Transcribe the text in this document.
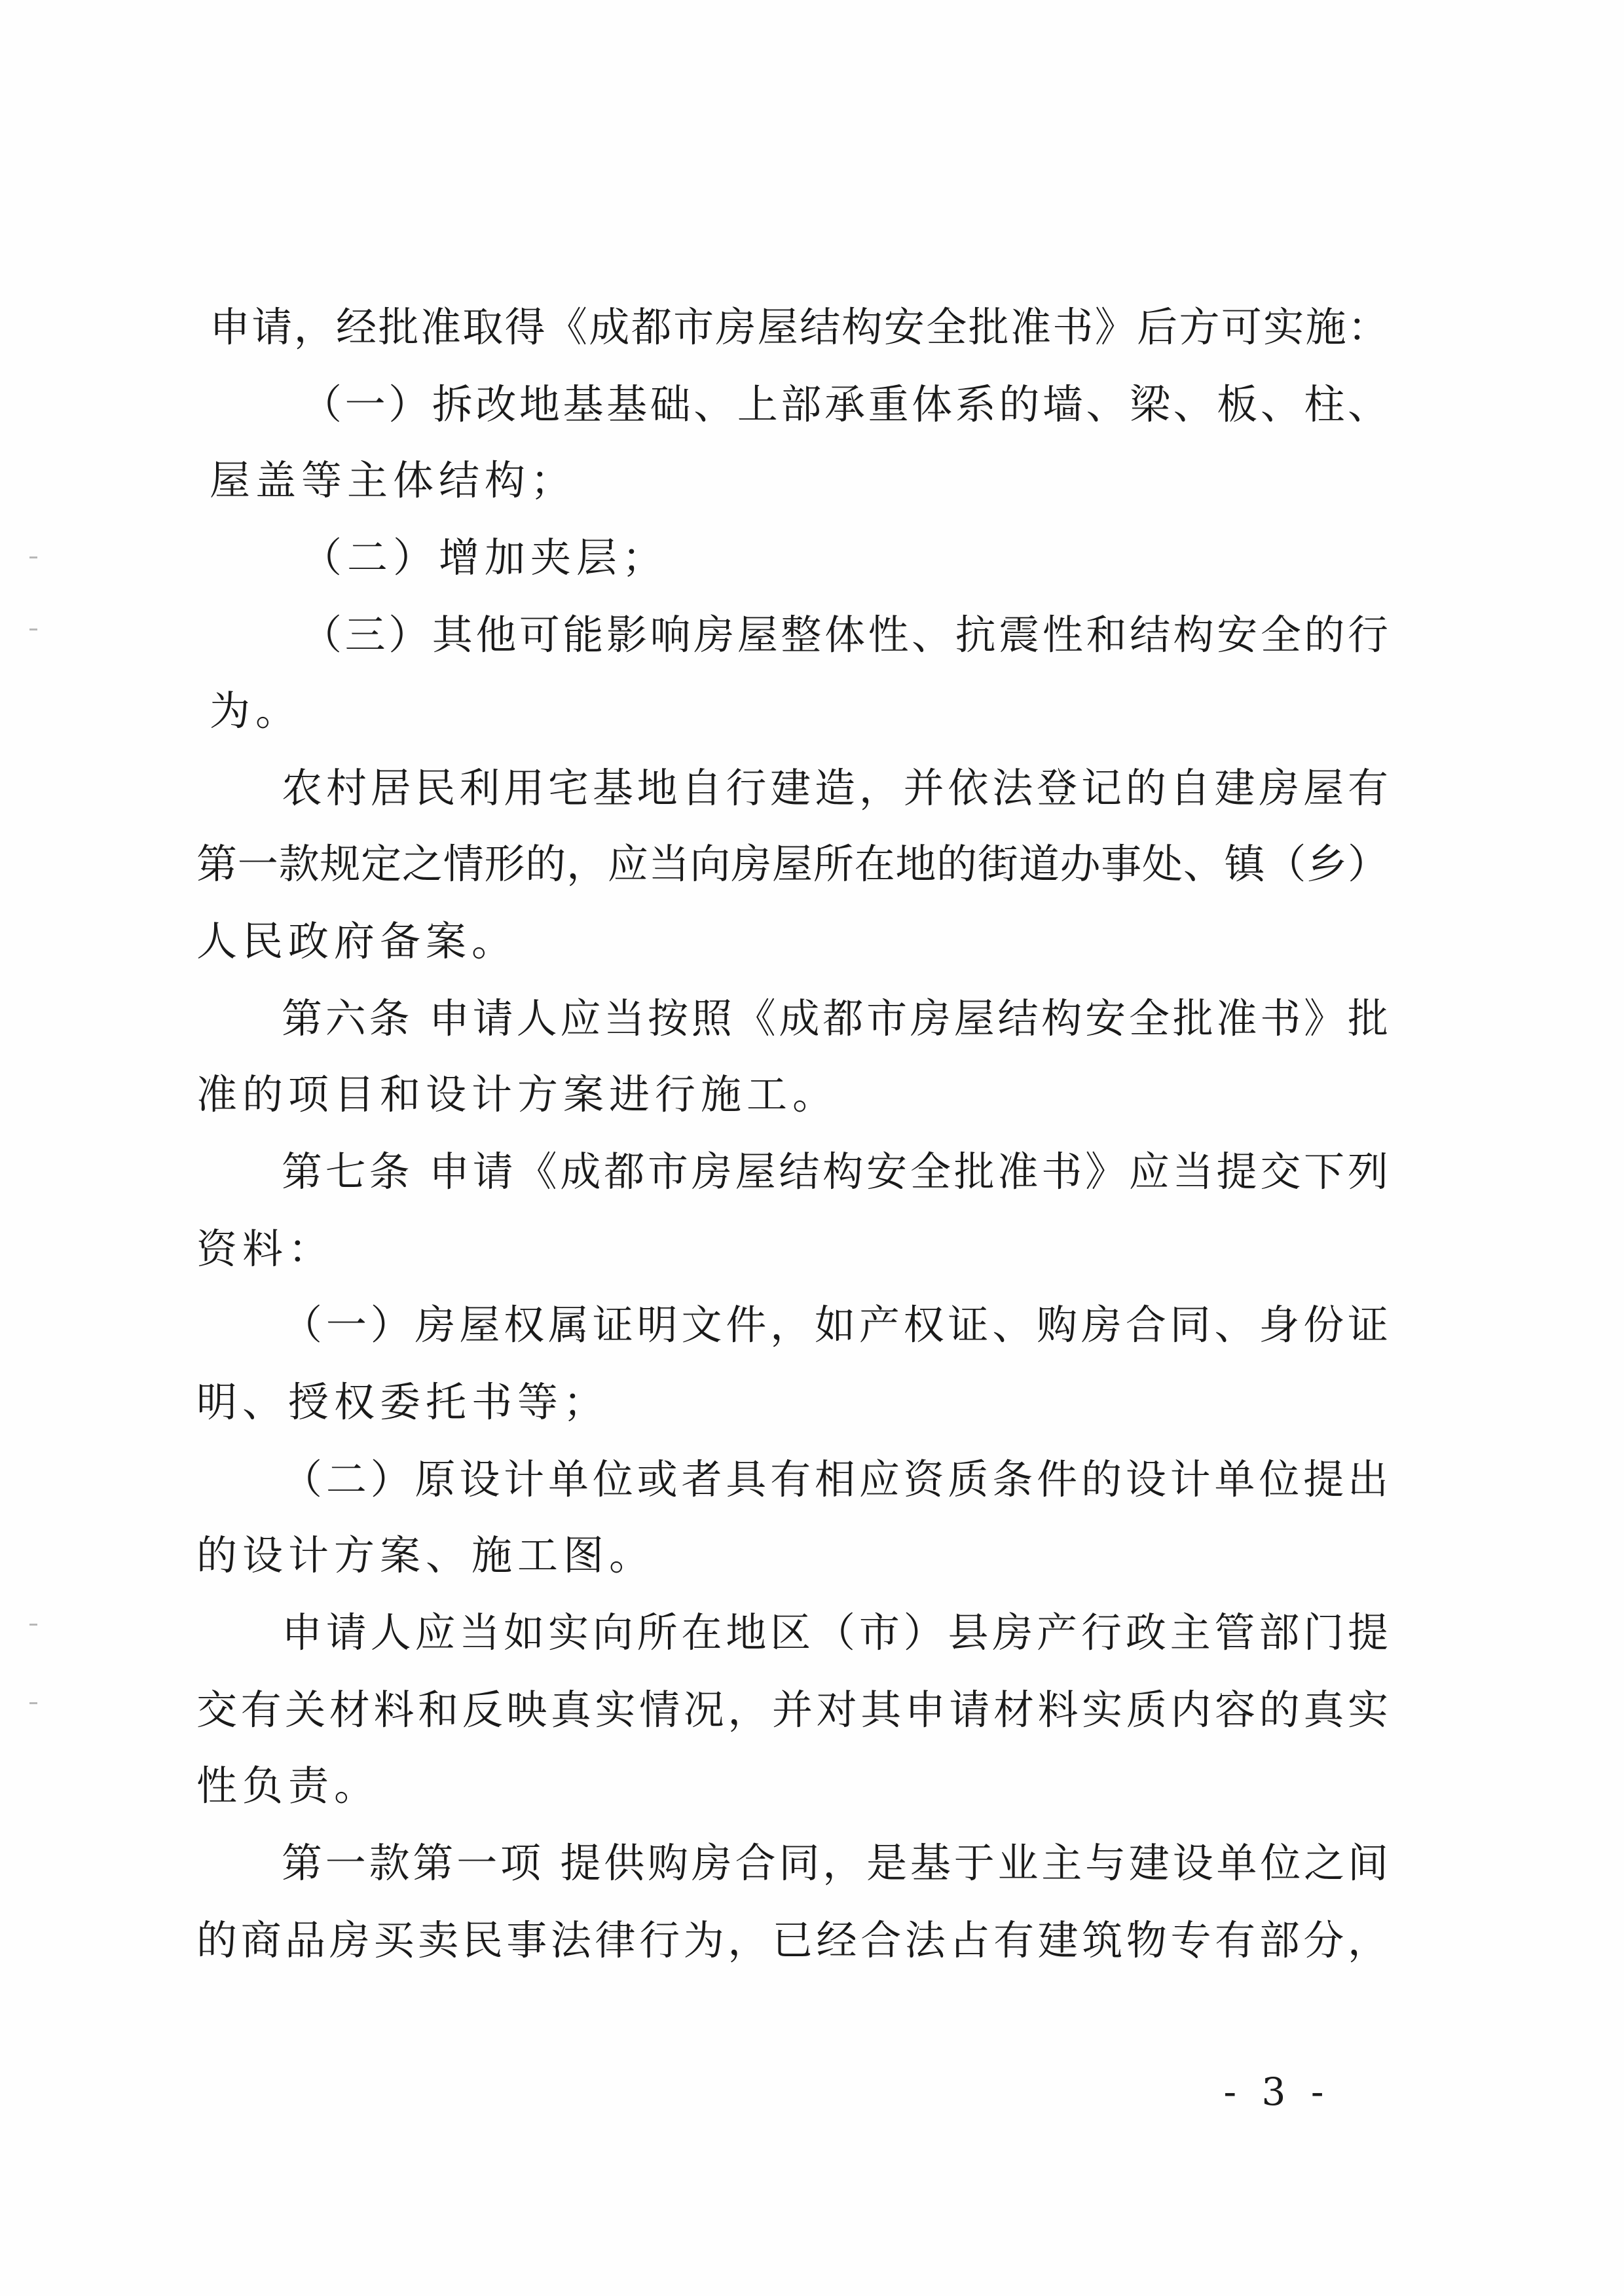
申请，经批准取得《成都市房屋结构安全批准书》后方可实施：

（一）拆改地基基础、上部承重体系的墙、梁、板、柱、

屋盖等主体结构；

（二）增加夹层；

（三）其他可能影响房屋整体性、抗震性和结构安全的行

为。

农村居民利用宅基地自行建造，并依法登记的自建房屋有

第一款规定之情形的，应当向房屋所在地的街道办事处、镇（乡）

人民政府备案。

第六条 申请人应当按照《成都市房屋结构安全批准书》批

准的项目和设计方案进行施工。

第七条 申请《成都市房屋结构安全批准书》应当提交下列

资料：

（一）房屋权属证明文件，如产权证、购房合同、身份证

明、授权委托书等；

（二）原设计单位或者具有相应资质条件的设计单位提出

的设计方案、施工图。

申请人应当如实向所在地区（市）县房产行政主管部门提

交有关材料和反映真实情况，并对其申请材料实质内容的真实

性负责。

第一款第一项 提供购房合同，是基于业主与建设单位之间

的商品房买卖民事法律行为，已经合法占有建筑物专有部分，

- 3 -
